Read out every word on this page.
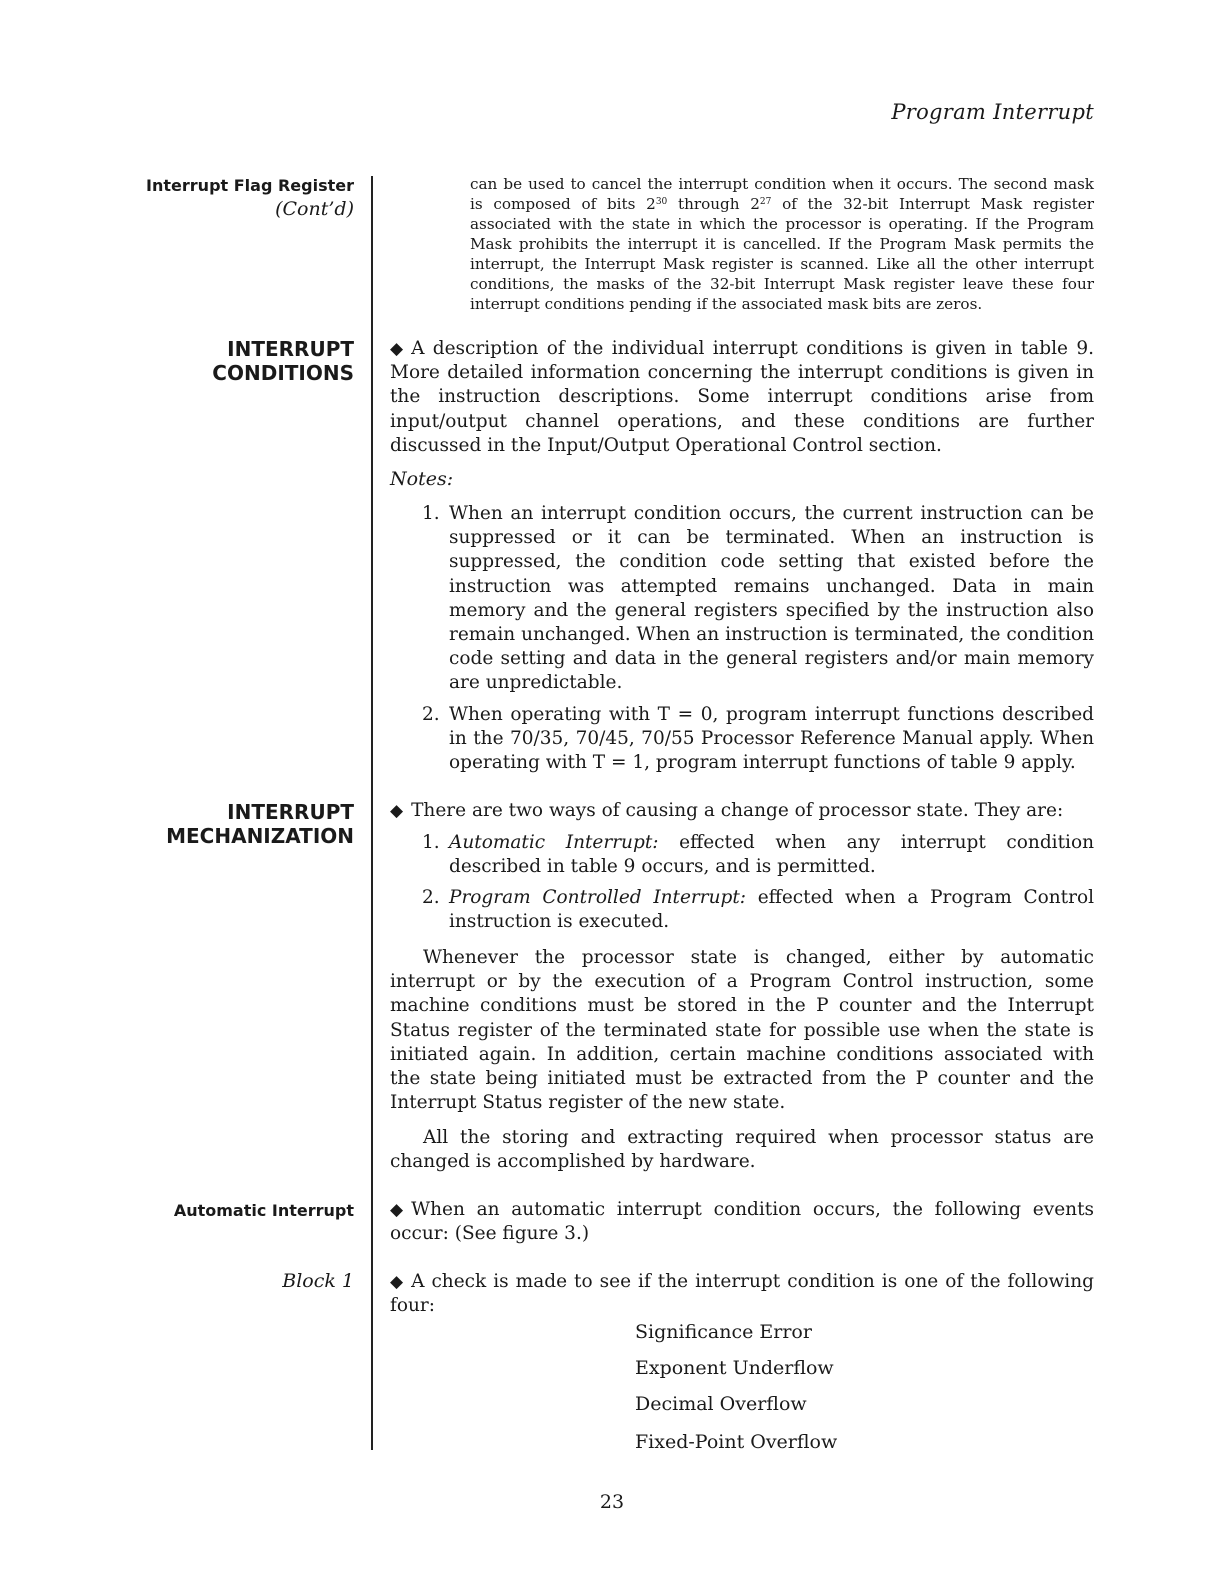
Program Interrupt
Interrupt Flag Register
(Cont’d)
INTERRUPT
CONDITIONS
INTERRUPT
MECHANIZATION
Automatic Interrupt
Block 1
can be used to cancel the interrupt condition when it occurs. The second mask is composed of bits $2^{30}$ through $2^{27}$ of the 32-bit Interrupt Mask register associated with the state in which the processor is operating. If the Program Mask prohibits the interrupt it is cancelled. If the Program Mask permits the interrupt, the Interrupt Mask register is scanned. Like all the other interrupt conditions, the masks of the 32-bit Interrupt Mask register leave these four interrupt conditions pending if the associated mask bits are zeros.
◆ A description of the individual interrupt conditions is given in table 9. More detailed information concerning the interrupt conditions is given in the instruction descriptions. Some interrupt conditions arise from input/output channel operations, and these conditions are further discussed in the Input/Output Operational Control section.
Notes:
1. When an interrupt condition occurs, the current instruction can be suppressed or it can be terminated. When an instruction is suppressed, the condition code setting that existed before the instruction was attempted remains unchanged. Data in main memory and the general registers specified by the instruction also remain unchanged. When an instruction is terminated, the condition code setting and data in the general registers and/or main memory are unpredictable.
2. When operating with T = 0, program interrupt functions described in the 70/35, 70/45, 70/55 Processor Reference Manual apply. When operating with T = 1, program interrupt functions of table 9 apply.
◆ There are two ways of causing a change of processor state. They are:
1. Automatic Interrupt: effected when any interrupt condition described in table 9 occurs, and is permitted.
2. Program Controlled Interrupt: effected when a Program Control instruction is executed.
Whenever the processor state is changed, either by automatic interrupt or by the execution of a Program Control instruction, some machine conditions must be stored in the P counter and the Interrupt Status register of the terminated state for possible use when the state is initiated again. In addition, certain machine conditions associated with the state being initiated must be extracted from the P counter and the Interrupt Status register of the new state.
All the storing and extracting required when processor status are changed is accomplished by hardware.
◆ When an automatic interrupt condition occurs, the following events occur: (See figure 3.)
◆ A check is made to see if the interrupt condition is one of the following four:
Significance Error
Exponent Underflow
Decimal Overflow
Fixed-Point Overflow
23
